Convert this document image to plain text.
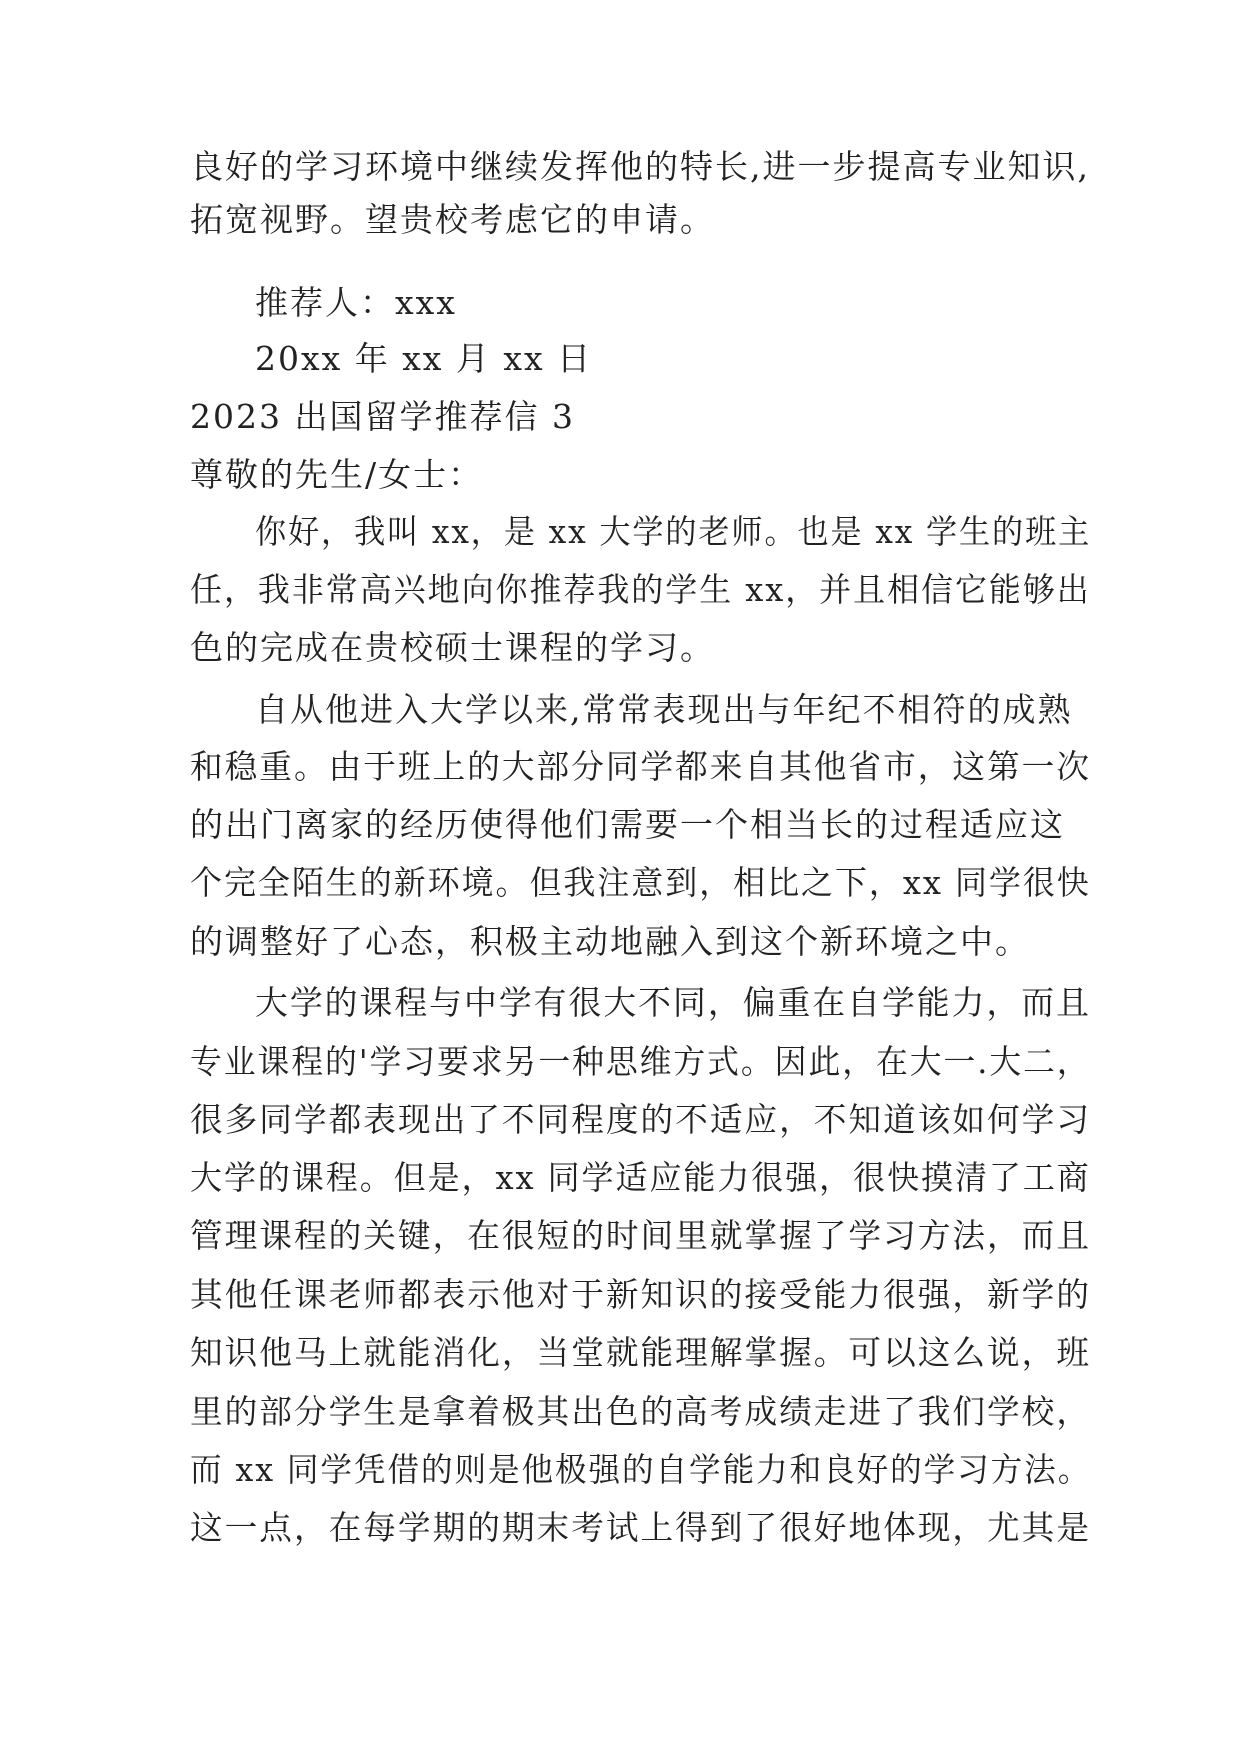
良好的学习环境中继续发挥他的特长,进一步提高专业知识,
拓宽视野。望贵校考虑它的申请。
推荐人：xxx
20xx 年 xx 月 xx 日
2023 出国留学推荐信 3
尊敬的先生/女士：
你好，我叫 xx，是 xx 大学的老师。也是 xx 学生的班主
任，我非常高兴地向你推荐我的学生 xx，并且相信它能够出
色的完成在贵校硕士课程的学习。
自从他进入大学以来,常常表现出与年纪不相符的成熟
和稳重。由于班上的大部分同学都来自其他省市，这第一次
的出门离家的经历使得他们需要一个相当长的过程适应这
个完全陌生的新环境。但我注意到，相比之下，xx 同学很快
的调整好了心态，积极主动地融入到这个新环境之中。
大学的课程与中学有很大不同，偏重在自学能力，而且
专业课程的'学习要求另一种思维方式。因此，在大一.大二，
很多同学都表现出了不同程度的不适应，不知道该如何学习
大学的课程。但是，xx 同学适应能力很强，很快摸清了工商
管理课程的关键，在很短的时间里就掌握了学习方法，而且
其他任课老师都表示他对于新知识的接受能力很强，新学的
知识他马上就能消化，当堂就能理解掌握。可以这么说，班
里的部分学生是拿着极其出色的高考成绩走进了我们学校，
而 xx 同学凭借的则是他极强的自学能力和良好的学习方法。
这一点，在每学期的期末考试上得到了很好地体现，尤其是
